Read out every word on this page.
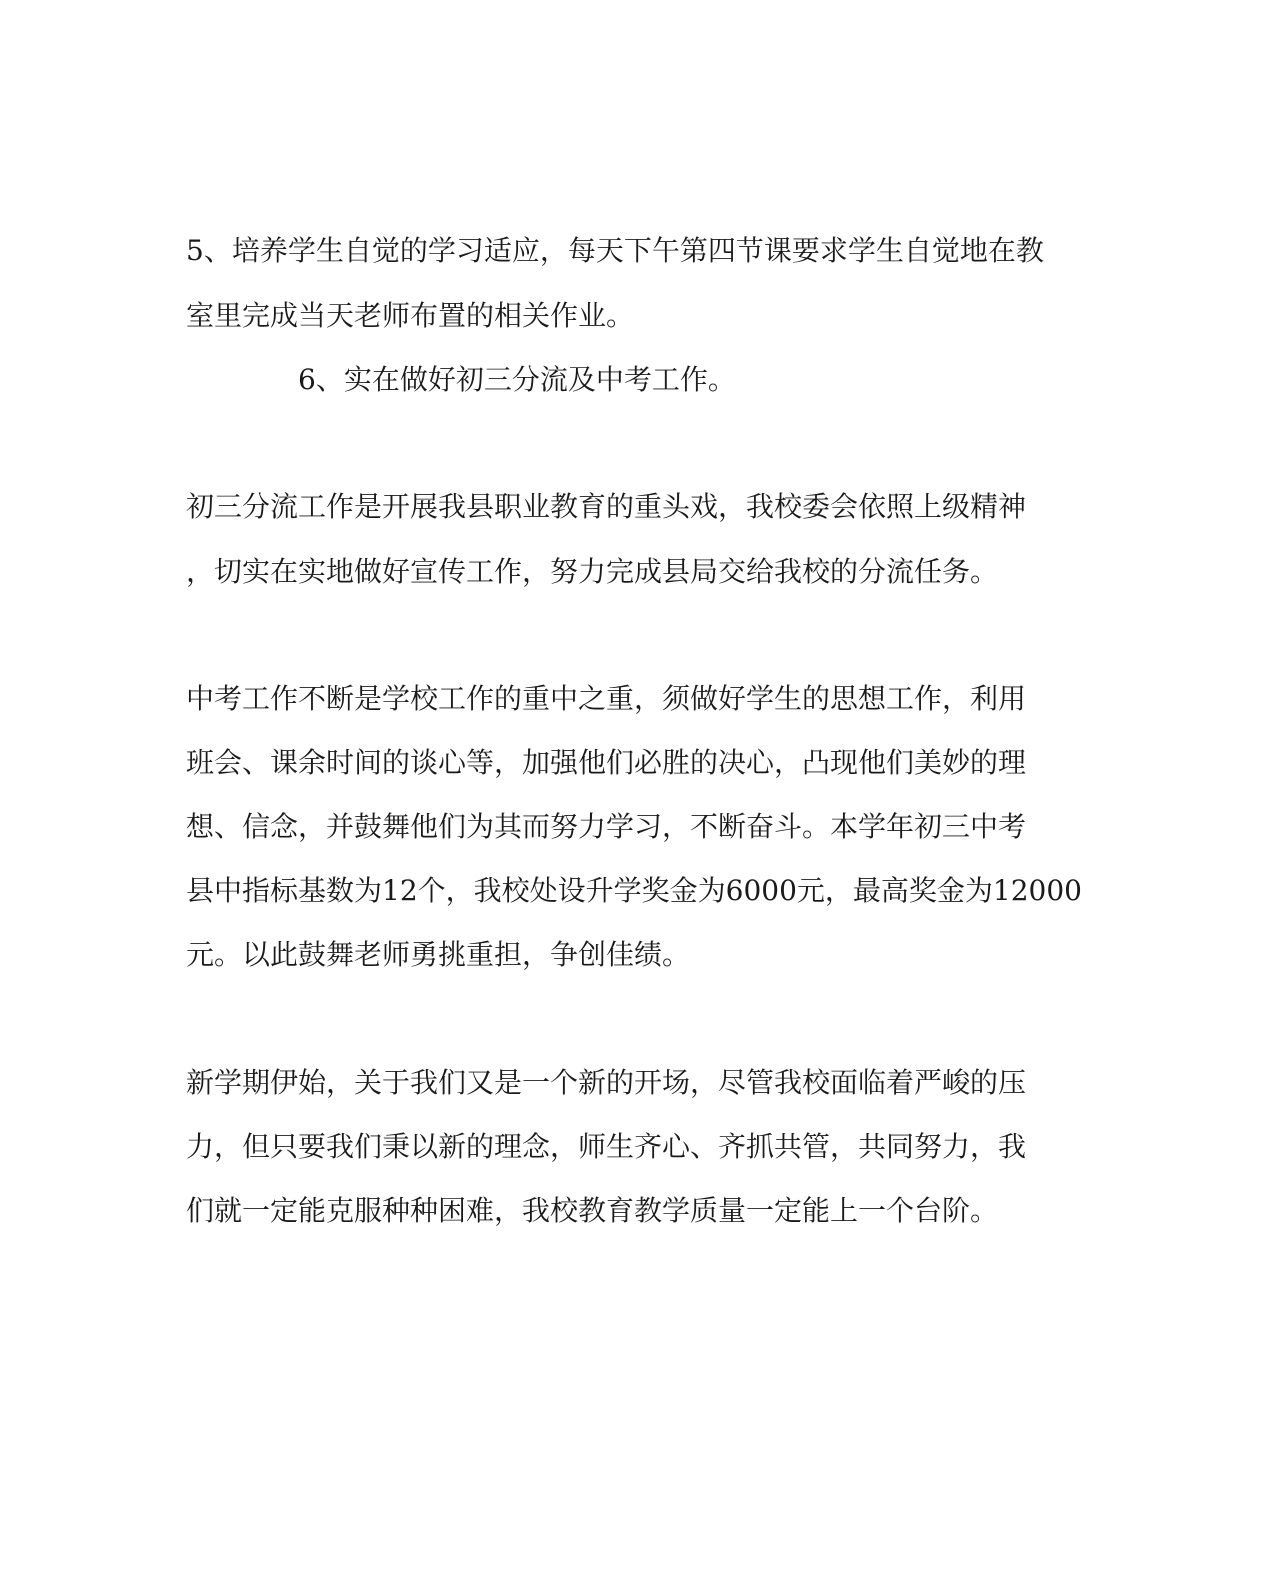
5、培养学生自觉的学习适应，每天下午第四节课要求学生自觉地在教
室里完成当天老师布置的相关作业。
6、实在做好初三分流及中考工作。
初三分流工作是开展我县职业教育的重头戏，我校委会依照上级精神
，切实在实地做好宣传工作，努力完成县局交给我校的分流任务。
中考工作不断是学校工作的重中之重，须做好学生的思想工作，利用
班会、课余时间的谈心等，加强他们必胜的决心，凸现他们美妙的理
想、信念，并鼓舞他们为其而努力学习，不断奋斗。本学年初三中考
县中指标基数为12个，我校处设升学奖金为6000元，最高奖金为12000
元。以此鼓舞老师勇挑重担，争创佳绩。
新学期伊始，关于我们又是一个新的开场，尽管我校面临着严峻的压
力，但只要我们秉以新的理念，师生齐心、齐抓共管，共同努力，我
们就一定能克服种种困难，我校教育教学质量一定能上一个台阶。
